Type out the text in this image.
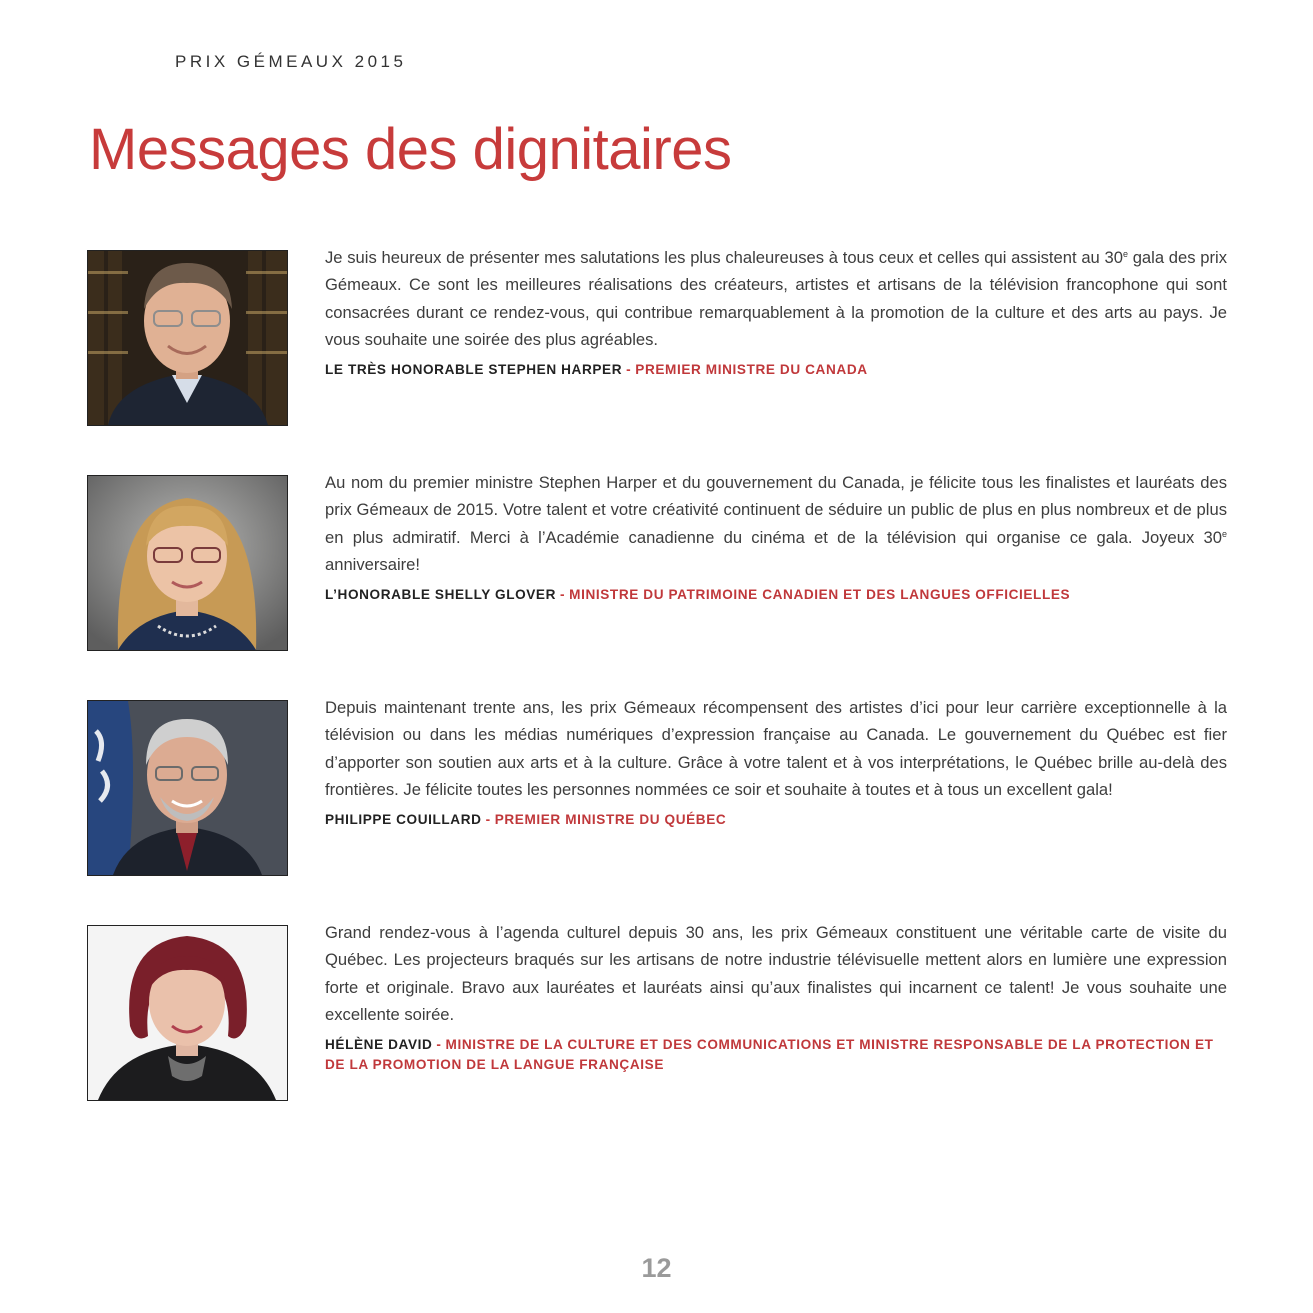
PRIX GÉMEAUX 2015
Messages des dignitaires

Je suis heureux de présenter mes salutations les plus chaleureuses à tous ceux et celles qui assistent au 30e gala des prix Gémeaux. Ce sont les meilleures réalisations des créateurs, artistes et artisans de la télévision francophone qui sont consacrées durant ce rendez-vous, qui contribue remarquablement à la promotion de la culture et des arts au pays. Je vous souhaite une soirée des plus agréables.

LE TRÈS HONORABLE STEPHEN HARPER - PREMIER MINISTRE DU CANADA

Au nom du premier ministre Stephen Harper et du gouvernement du Canada, je félicite tous les finalistes et lauréats des prix Gémeaux de 2015. Votre talent et votre créativité continuent de séduire un public de plus en plus nombreux et de plus en plus admiratif. Merci à l’Académie canadienne du cinéma et de la télévision qui organise ce gala. Joyeux 30e anniversaire!

L’HONORABLE SHELLY GLOVER - MINISTRE DU PATRIMOINE CANADIEN ET DES LANGUES OFFICIELLES

Depuis maintenant trente ans, les prix Gémeaux récompensent des artistes d’ici pour leur carrière exceptionnelle à la télévision ou dans les médias numériques d’expression française au Canada. Le gouvernement du Québec est fier d’apporter son soutien aux arts et à la culture. Grâce à votre talent et à vos interprétations, le Québec brille au-delà des frontières. Je félicite toutes les personnes nommées ce soir et souhaite à toutes et à tous un excellent gala!

PHILIPPE COUILLARD - PREMIER MINISTRE DU QUÉBEC

Grand rendez-vous à l’agenda culturel depuis 30 ans, les prix Gémeaux constituent une véritable carte de visite du Québec. Les projecteurs braqués sur les artisans de notre industrie télévisuelle mettent alors en lumière une expression forte et originale. Bravo aux lauréates et lauréats ainsi qu’aux finalistes qui incarnent ce talent! Je vous souhaite une excellente soirée.

HÉLÈNE DAVID - MINISTRE DE LA CULTURE ET DES COMMUNICATIONS ET MINISTRE RESPONSABLE DE LA PROTECTION ET DE LA PROMOTION DE LA LANGUE FRANÇAISE

12
